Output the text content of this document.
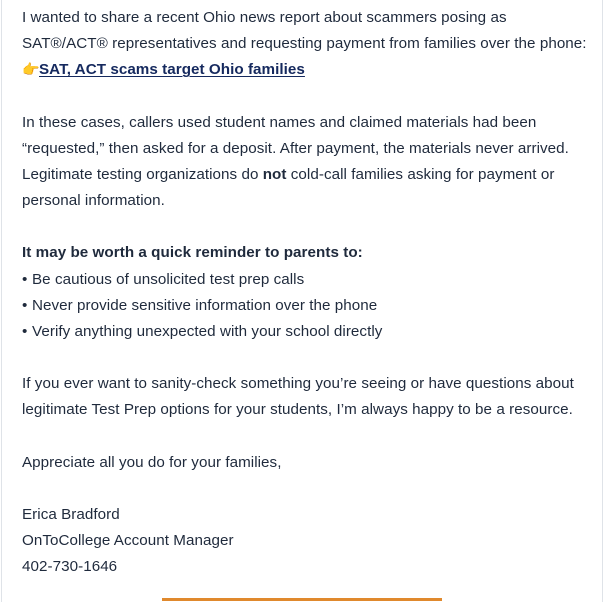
I wanted to share a recent Ohio news report about scammers posing as SAT®/ACT® representatives and requesting payment from families over the phone:
👉SAT, ACT scams target Ohio families

In these cases, callers used student names and claimed materials had been “requested,” then asked for a deposit. After payment, the materials never arrived. Legitimate testing organizations do not cold-call families asking for payment or personal information.

It may be worth a quick reminder to parents to:

• Be cautious of unsolicited test prep calls
• Never provide sensitive information over the phone
• Verify anything unexpected with your school directly

If you ever want to sanity-check something you’re seeing or have questions about legitimate Test Prep options for your students, I’m always happy to be a resource.

Appreciate all you do for your families,

Erica Bradford

OnToCollege Account Manager

402-730-1646
